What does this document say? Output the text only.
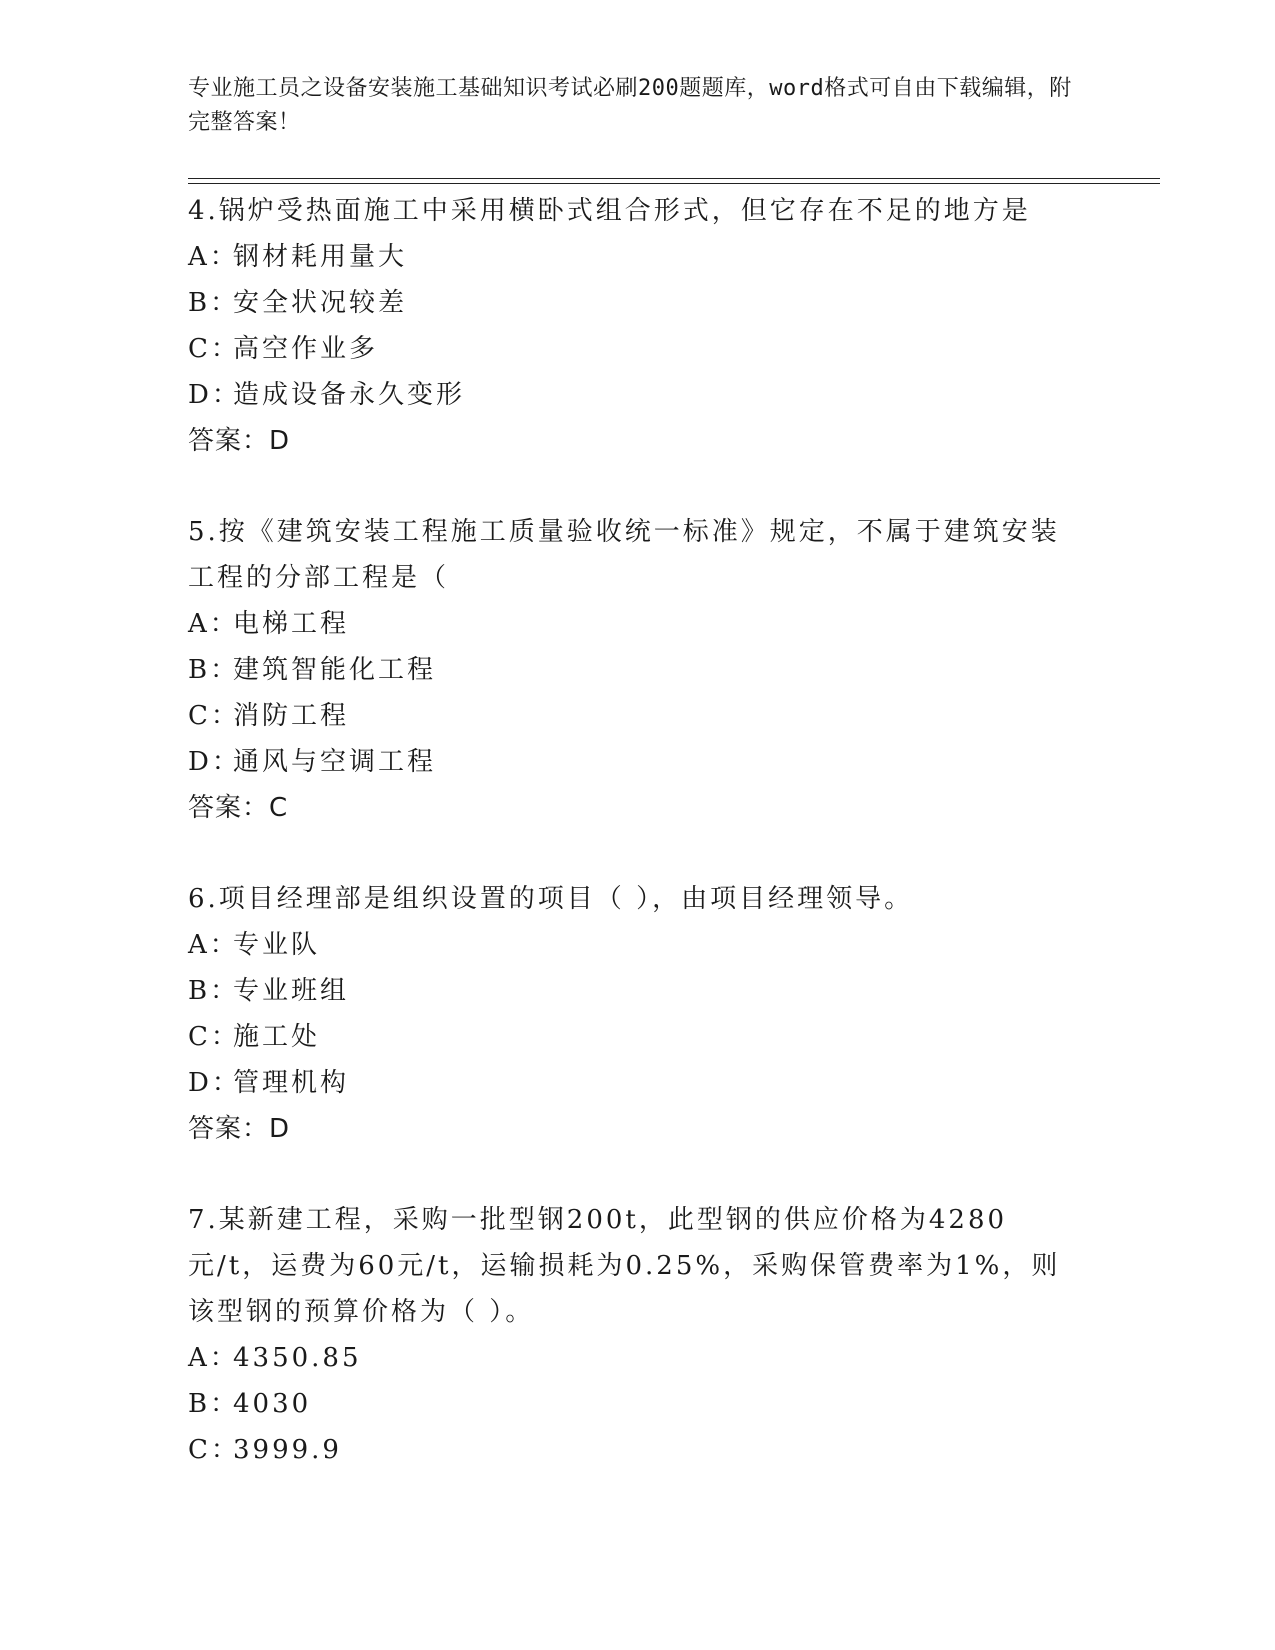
专业施工员之设备安装施工基础知识考试必刷200题题库，word格式可自由下载编辑，附完整答案！
4.锅炉受热面施工中采用横卧式组合形式，但它存在不足的地方是
A：
钢材耗用量大
B：
安全状况较差
C：
高空作业多
D：
造成设备永久变形
答案：D
5.按《建筑安装工程施工质量验收统一标准》规定，不属于建筑安装工程的分部工程是（
A：
电梯工程
B：
建筑智能化工程
C：
消防工程
D：
通风与空调工程
答案：C
6.项目经理部是组织设置的项目（ ），由项目经理领导。
A：
专业队
B：
专业班组
C：
施工处
D：
管理机构
答案：D
7.某新建工程，采购一批型钢200t，此型钢的供应价格为4280元/t，运费为60元/t，运输损耗为0.25%，采购保管费率为1%，则该型钢的预算价格为（ ）。
A：
4350.85
B：
4030
C：
3999.9
